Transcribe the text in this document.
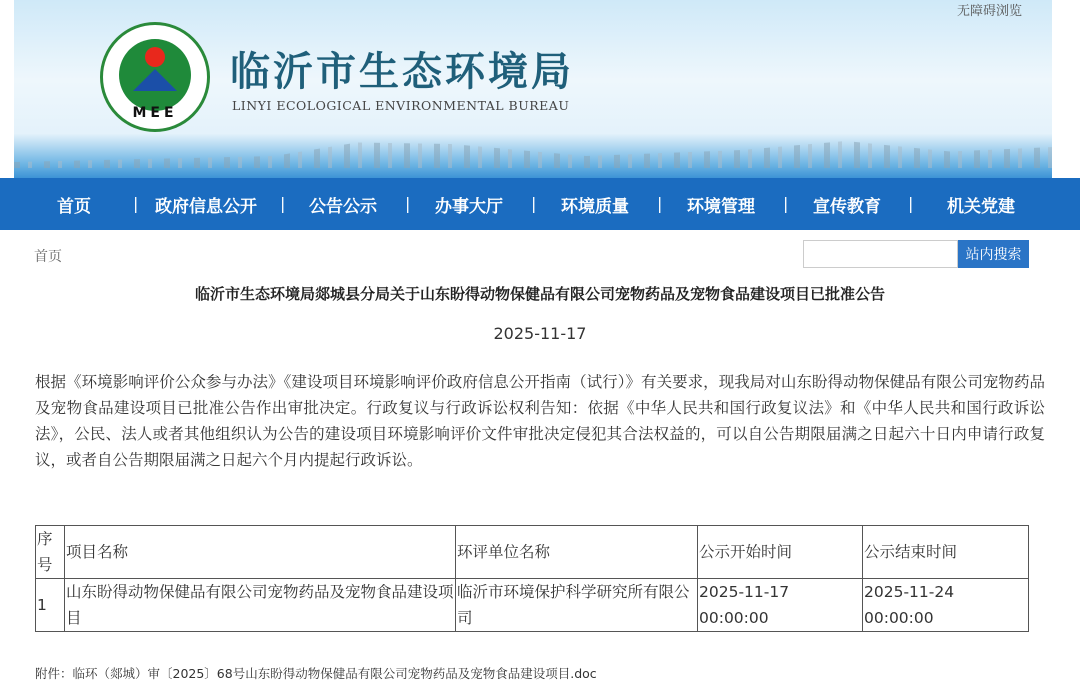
MEE
临沂市生态环境局
LINYI ECOLOGICAL ENVIRONMENTAL BUREAU
无障碍浏览
首页	| 政府信息公开 | 公告公示 | 办事大厅 | 环境质量 | 环境管理 | 宣传教育 | 机关党建
首页	站内搜索
临沂市生态环境局郯城县分局关于山东盼得动物保健品有限公司宠物药品及宠物食品建设项目已批准公告
2025-11-17
根据《环境影响评价公众参与办法》《建设项目环境影响评价政府信息公开指南（试行）》有关要求，现我局对山东盼得动物保健品有限公司宠物药品及宠物食品建设项目已批准公告作出审批决定。行政复议与行政诉讼权利告知：依据《中华人民共和国行政复议法》和《中华人民共和国行政诉讼法》，公民、法人或者其他组织认为公告的建设项目环境影响评价文件审批决定侵犯其合法权益的，可以自公告期限届满之日起六十日内申请行政复议，或者自公告期限届满之日起六个月内提起行政诉讼。
序号	项目名称	环评单位名称	公示开始时间	公示结束时间
1	山东盼得动物保健品有限公司宠物药品及宠物食品建设项目	临沂市环境保护科学研究所有限公司	2025-11-17 00:00:00	2025-11-24 00:00:00
附件：临环（郯城）审〔2025〕68号山东盼得动物保健品有限公司宠物药品及宠物食品建设项目.doc
